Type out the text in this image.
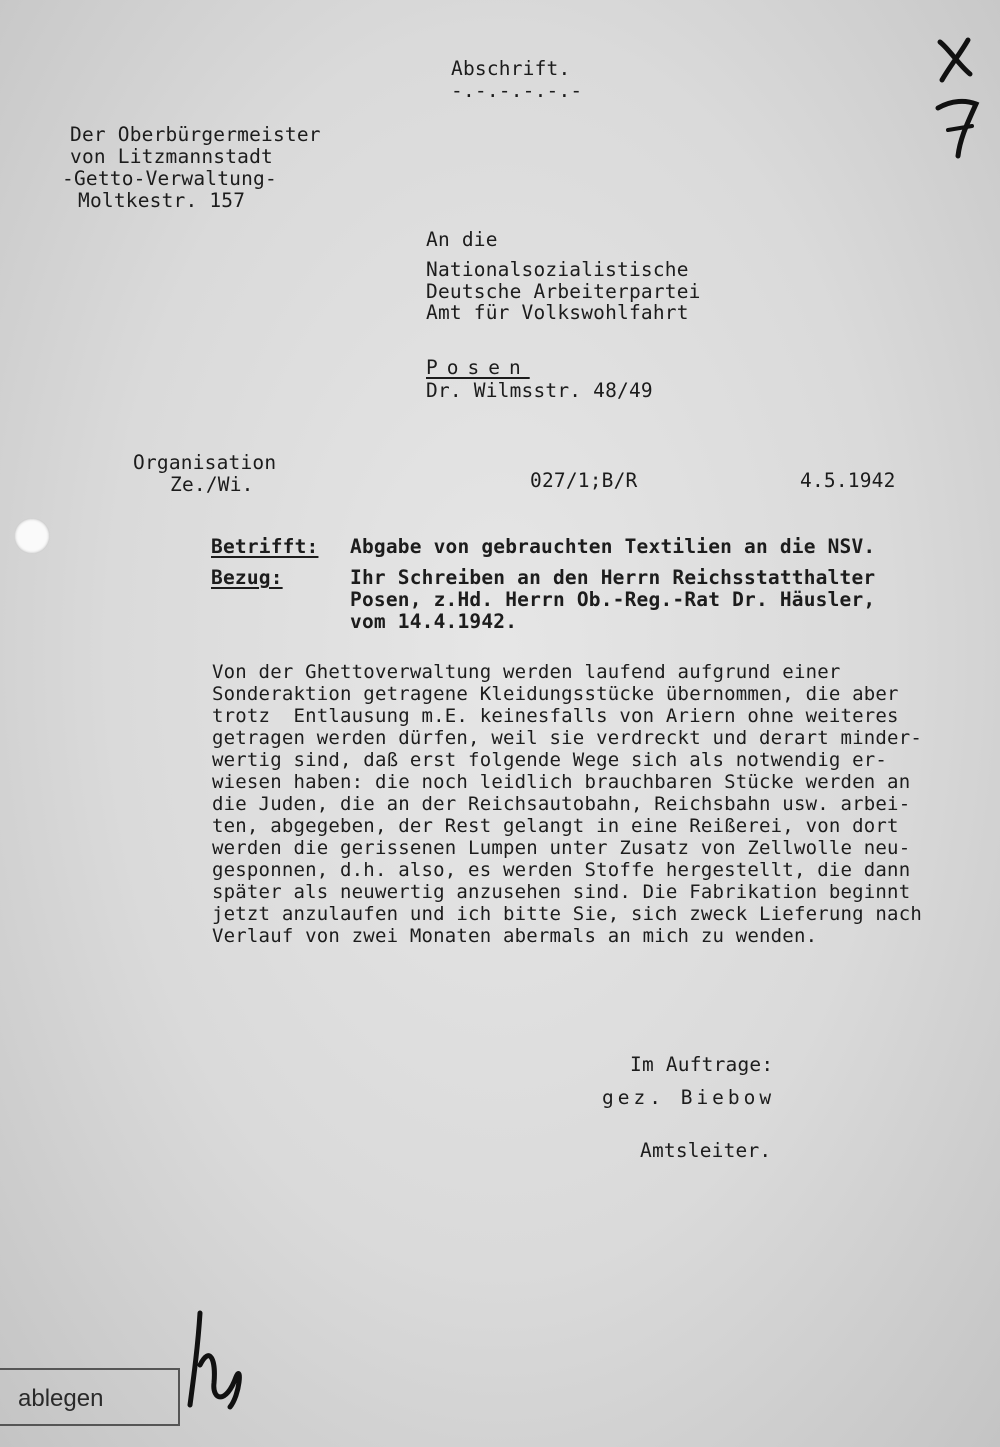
Abschrift.
-.-.-.-.-.-
Der Oberbürgermeister
von Litzmannstadt
-Getto-Verwaltung-
Moltkestr. 157
An die
Nationalsozialistische
Deutsche Arbeiterpartei
Amt für Volkswohlfahrt
Posen
Dr. Wilmsstr. 48/49
Organisation
Ze./Wi.	027/1;B/R	4.5.1942
Betrifft: Abgabe von gebrauchten Textilien an die NSV.
Bezug:	Ihr Schreiben an den Herrn Reichsstatthalter
Posen, z.Hd. Herrn Ob.-Reg.-Rat Dr. Häusler,
vom 14.4.1942.
Von der Ghettoverwaltung werden laufend aufgrund einer
Sonderaktion getragene Kleidungsstücke übernommen, die aber
trotz  Entlausung m.E. keinesfalls von Ariern ohne weiteres
getragen werden dürfen, weil sie verdreckt und derart minder-
wertig sind, daß erst folgende Wege sich als notwendig er-
wiesen haben: die noch leidlich brauchbaren Stücke werden an
die Juden, die an der Reichsautobahn, Reichsbahn usw. arbei-
ten, abgegeben, der Rest gelangt in eine Reißerei, von dort
werden die gerissenen Lumpen unter Zusatz von Zellwolle neu-
gesponnen, d.h. also, es werden Stoffe hergestellt, die dann
später als neuwertig anzusehen sind. Die Fabrikation beginnt
jetzt anzulaufen und ich bitte Sie, sich zweck Lieferung nach
Verlauf von zwei Monaten abermals an mich zu wenden.
Im Auftrage:
gez. Biebow
Amtsleiter.
ablegen
